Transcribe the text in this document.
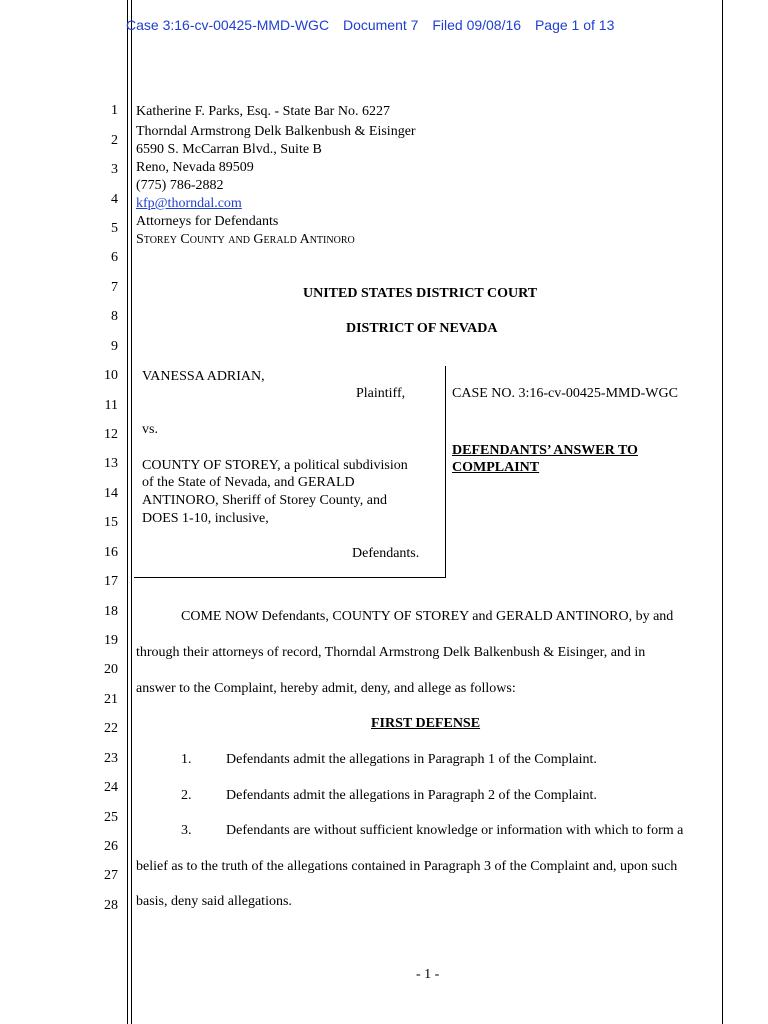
Case 3:16-cv-00425-MMD-WGC Document 7 Filed 09/08/16 Page 1 of 13
1
2
3
4
5
6
7
8
9
10
11
12
13
14
15
16
17
18
19
20
21
22
23
24
25
26
27
28
Katherine F. Parks, Esq. - State Bar No. 6227
Thorndal Armstrong Delk Balkenbush & Eisinger
6590 S. McCarran Blvd., Suite B
Reno, Nevada 89509
(775) 786-2882
kfp@thorndal.com
Attorneys for Defendants
Storey County and Gerald Antinoro
UNITED STATES DISTRICT COURT
DISTRICT OF NEVADA
VANESSA ADRIAN,
Plaintiff,
vs.
COUNTY OF STOREY, a political subdivision
of the State of Nevada, and GERALD
ANTINORO, Sheriff of Storey County, and
DOES 1-10, inclusive,
Defendants.
CASE NO. 3:16-cv-00425-MMD-WGC
DEFENDANTS’ ANSWER TO
COMPLAINT
COME NOW Defendants, COUNTY OF STOREY and GERALD ANTINORO, by and
through their attorneys of record, Thorndal Armstrong Delk Balkenbush & Eisinger, and in
answer to the Complaint, hereby admit, deny, and allege as follows:
FIRST DEFENSE
1. Defendants admit the allegations in Paragraph 1 of the Complaint.
2. Defendants admit the allegations in Paragraph 2 of the Complaint.
3. Defendants are without sufficient knowledge or information with which to form a
belief as to the truth of the allegations contained in Paragraph 3 of the Complaint and, upon such
basis, deny said allegations.
- 1 -
